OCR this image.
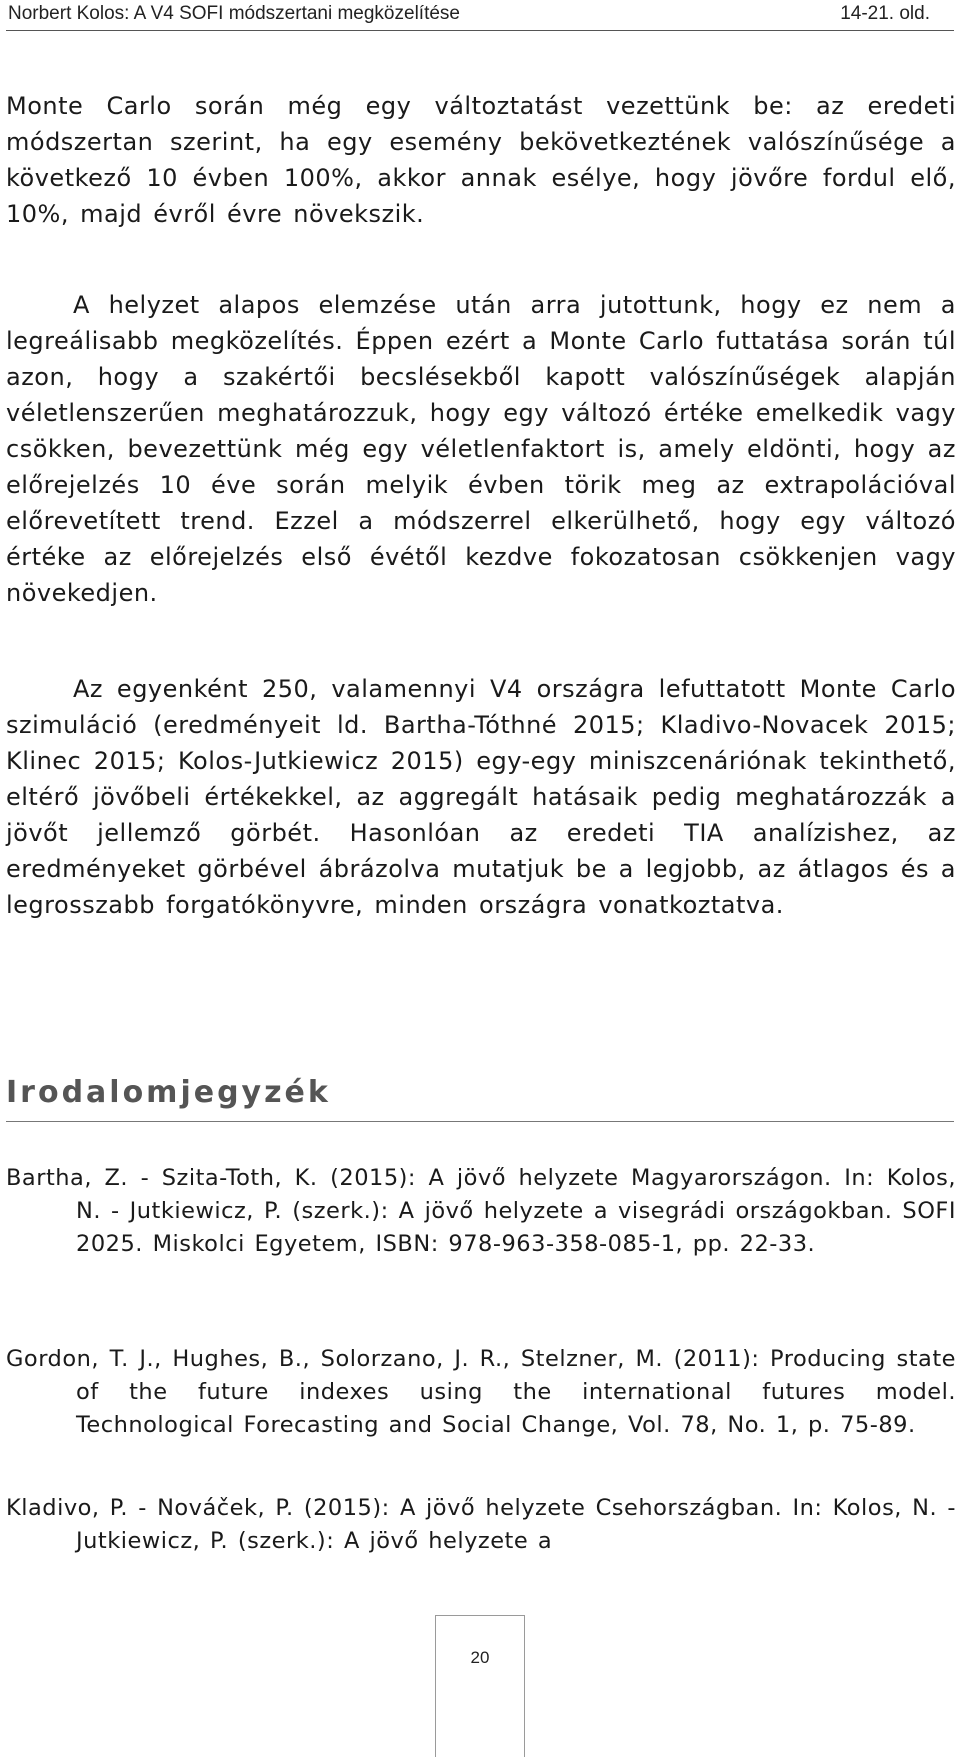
Norbert Kolos: A V4 SOFI módszertani megközelítése	14-21. old.

Monte Carlo során még egy változtatást vezettünk be: az eredeti módszertan szerint, ha egy esemény bekövetkeztének valószínűsége a következő 10 évben 100%, akkor annak esélye, hogy jövőre fordul elő, 10%, majd évről évre növekszik.

A helyzet alapos elemzése után arra jutottunk, hogy ez nem a legreálisabb megközelítés. Éppen ezért a Monte Carlo futtatása során túl azon, hogy a szakértői becslésekből kapott valószínűségek alapján véletlenszerűen meghatározzuk, hogy egy változó értéke emelkedik vagy csökken, bevezettünk még egy véletlenfaktort is, amely eldönti, hogy az előrejelzés 10 éve során melyik évben törik meg az extrapolációval előrevetített trend. Ezzel a módszerrel elkerülhető, hogy egy változó értéke az előrejelzés első évétől kezdve fokozatosan csökkenjen vagy növekedjen.

Az egyenként 250, valamennyi V4 országra lefuttatott Monte Carlo szimuláció (eredményeit ld. Bartha-Tóthné 2015; Kladivo-Novacek 2015; Klinec 2015; Kolos-Jutkiewicz 2015) egy-egy miniszcenáriónak tekinthető, eltérő jövőbeli értékekkel, az aggregált hatásaik pedig meghatározzák a jövőt jellemző görbét. Hasonlóan az eredeti TIA analízishez, az eredményeket görbével ábrázolva mutatjuk be a legjobb, az átlagos és a legrosszabb forgatókönyvre, minden országra vonatkoztatva.

Irodalomjegyzék

Bartha, Z. - Szita-Toth, K. (2015): A jövő helyzete Magyarországon. In: Kolos, N. - Jutkiewicz, P. (szerk.): A jövő helyzete a visegrádi országokban. SOFI 2025. Miskolci Egyetem, ISBN: 978-963-358-085-1, pp. 22-33.

Gordon, T. J., Hughes, B., Solorzano, J. R., Stelzner, M. (2011): Producing state of the future indexes using the international futures model. Technological Forecasting and Social Change, Vol. 78, No. 1, p. 75-89.

Kladivo, P. - Nováček, P. (2015): A jövő helyzete Csehországban. In: Kolos, N. - Jutkiewicz, P. (szerk.): A jövő helyzete a

20
